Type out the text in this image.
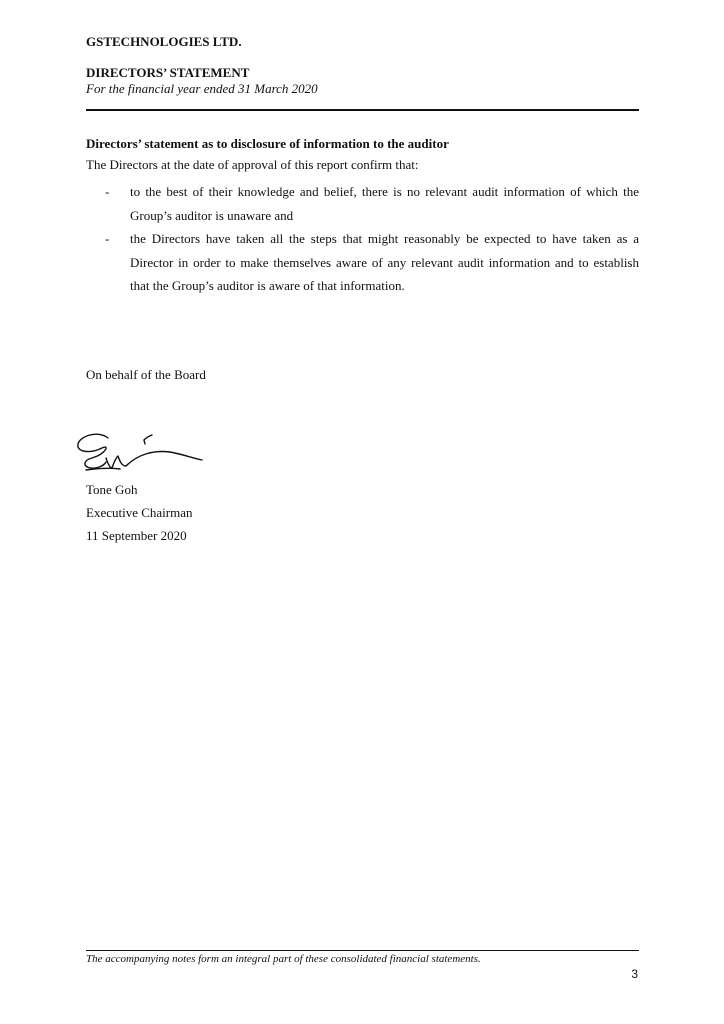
GSTECHNOLOGIES LTD.
DIRECTORS’ STATEMENT
For the financial year ended 31 March 2020
Directors’ statement as to disclosure of information to the auditor
The Directors at the date of approval of this report confirm that:
- to the best of their knowledge and belief, there is no relevant audit information of which the Group’s auditor is unaware and
- the Directors have taken all the steps that might reasonably be expected to have taken as a Director in order to make themselves aware of any relevant audit information and to establish that the Group’s auditor is aware of that information.
On behalf of the Board
Tone Goh
Executive Chairman
11 September 2020
The accompanying notes form an integral part of these consolidated financial statements.
3
